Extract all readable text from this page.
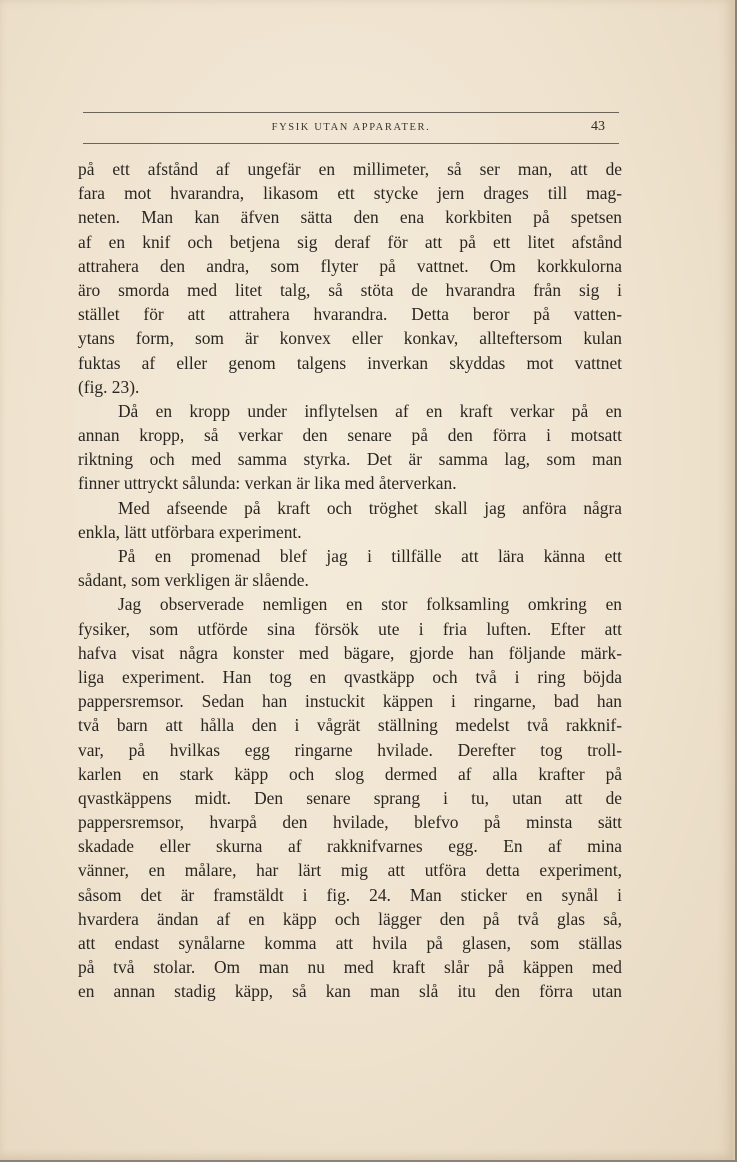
FYSIK UTAN APPARATER.	43
på ett afstånd af ungefär en millimeter, så ser man, att de
fara mot hvarandra, likasom ett stycke jern drages till mag-
neten. Man kan äfven sätta den ena korkbiten på spetsen
af en knif och betjena sig deraf för att på ett litet afstånd
attrahera den andra, som flyter på vattnet. Om korkkulorna
äro smorda med litet talg, så stöta de hvarandra från sig i
stället för att attrahera hvarandra. Detta beror på vatten-
ytans form, som är konvex eller konkav, allteftersom kulan
fuktas af eller genom talgens inverkan skyddas mot vattnet
(fig. 23).
Då en kropp under inflytelsen af en kraft verkar på en
annan kropp, så verkar den senare på den förra i motsatt
riktning och med samma styrka. Det är samma lag, som man
finner uttryckt sålunda: verkan är lika med återverkan.
Med afseende på kraft och tröghet skall jag anföra några
enkla, lätt utförbara experiment.
På en promenad blef jag i tillfälle att lära känna ett
sådant, som verkligen är slående.
Jag observerade nemligen en stor folksamling omkring en
fysiker, som utförde sina försök ute i fria luften. Efter att
hafva visat några konster med bägare, gjorde han följande märk-
liga experiment. Han tog en qvastkäpp och två i ring böjda
pappersremsor. Sedan han instuckit käppen i ringarne, bad han
två barn att hålla den i vågrät ställning medelst två rakknif-
var, på hvilkas egg ringarne hvilade. Derefter tog troll-
karlen en stark käpp och slog dermed af alla krafter på
qvastkäppens midt. Den senare sprang i tu, utan att de
pappersremsor, hvarpå den hvilade, blefvo på minsta sätt
skadade eller skurna af rakknifvarnes egg. En af mina
vänner, en målare, har lärt mig att utföra detta experiment,
såsom det är framstäldt i fig. 24. Man sticker en synål i
hvardera ändan af en käpp och lägger den på två glas så,
att endast synålarne komma att hvila på glasen, som ställas
på två stolar. Om man nu med kraft slår på käppen med
en annan stadig käpp, så kan man slå itu den förra utan
